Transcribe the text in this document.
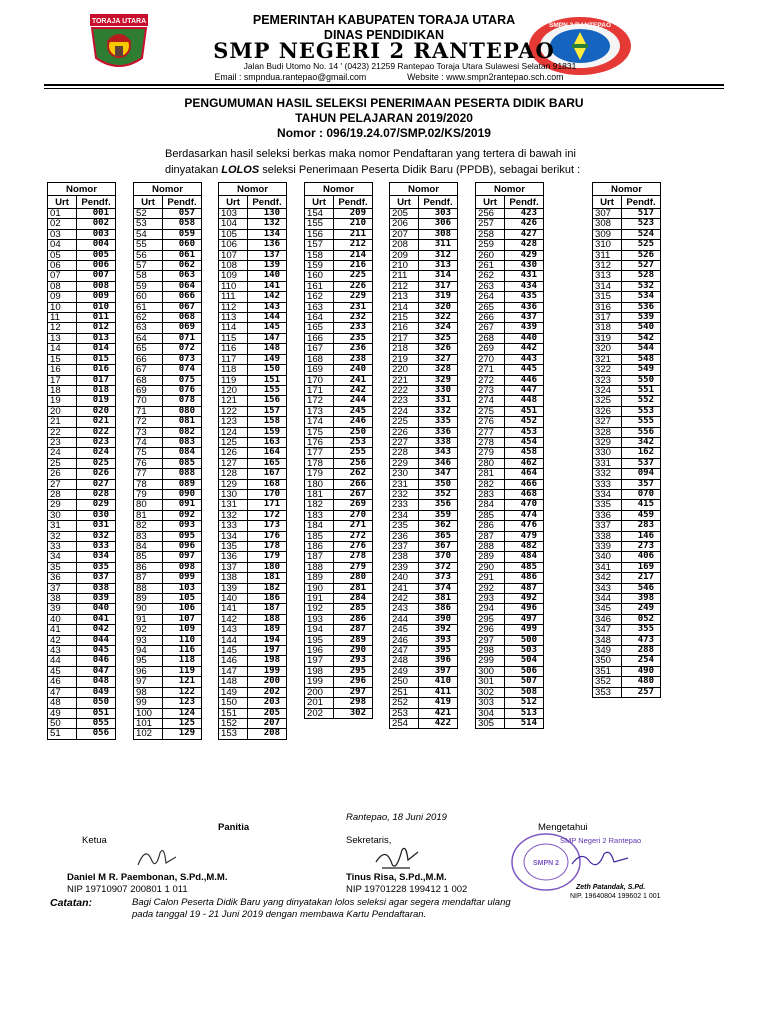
TORAJA UTARA
SMPN 2 RANTEPAO
PEMERINTAH KABUPATEN TORAJA UTARA
DINAS PENDIDIKAN
SMP NEGERI 2 RANTEPAO
Jalan Budi Utomo No. 14 ' (0423) 21259 Rantepao Toraja Utara Sulawesi Selatan 91831
Email : smpndua.rantepao@gmail.com	Website : www.smpn2rantepao.sch.com
PENGUMUMAN HASIL SELEKSI PENERIMAAN PESERTA DIDIK BARU
TAHUN PELAJARAN 2019/2020
Nomor : 096/19.24.07/SMP.02/KS/2019
Berdasarkan hasil seleksi berkas maka nomor Pendaftaran yang tertera di bawah ini
dinyatakan LOLOS seleksi Penerimaan Peserta Didik Baru (PPDB), sebagai berikut :
Nomor	
Urt	Pendf.
01	001
02	002
03	003
04	004
05	005
06	006
07	007
08	008
09	009
10	010
11	011
12	012
13	013
14	014
15	015
16	016
17	017
18	018
19	019
20	020
21	021
22	022
23	023
24	024
25	025
26	026
27	027
28	028
29	029
30	030
31	031
32	032
33	033
34	034
35	035
36	037
37	038
38	039
39	040
40	041
41	042
42	044
43	045
44	046
45	047
46	048
47	049
48	050
49	051
50	055
51	056
Nomor	
Urt	Pendf.
52	057
53	058
54	059
55	060
56	061
57	062
58	063
59	064
60	066
61	067
62	068
63	069
64	071
65	072
66	073
67	074
68	075
69	076
70	078
71	080
72	081
73	082
74	083
75	084
76	085
77	088
78	089
79	090
80	091
81	092
82	093
83	095
84	096
85	097
86	098
87	099
88	103
89	105
90	106
91	107
92	109
93	110
94	116
95	118
96	119
97	121
98	122
99	123
100	124
101	125
102	129
Nomor	
Urt	Pendf.
103	130
104	132
105	134
106	136
107	137
108	139
109	140
110	141
111	142
112	143
113	144
114	145
115	147
116	148
117	149
118	150
119	151
120	155
121	156
122	157
123	158
124	159
125	163
126	164
127	165
128	167
129	168
130	170
131	171
132	172
133	173
134	176
135	178
136	179
137	180
138	181
139	182
140	186
141	187
142	188
143	189
144	194
145	197
146	198
147	199
148	200
149	202
150	203
151	205
152	207
153	208
Nomor	
Urt	Pendf.
154	209
155	210
156	211
157	212
158	214
159	216
160	225
161	226
162	229
163	231
164	232
165	233
166	235
167	236
168	238
169	240
170	241
171	242
172	244
173	245
174	246
175	250
176	253
177	255
178	256
179	262
180	266
181	267
182	269
183	270
184	271
185	272
186	276
187	278
188	279
189	280
190	281
191	284
192	285
193	286
194	287
195	289
196	290
197	293
198	295
199	296
200	297
201	298
202	302
Nomor	
Urt	Pendf.
205	303
206	306
207	308
208	311
209	312
210	313
211	314
212	317
213	319
214	320
215	322
216	324
217	325
218	326
219	327
220	328
221	329
222	330
223	331
224	332
225	335
226	336
227	338
228	343
229	346
230	347
231	350
232	352
233	356
234	359
235	362
236	365
237	367
238	370
239	372
240	373
241	374
242	381
243	386
244	390
245	392
246	393
247	395
248	396
249	397
250	410
251	411
252	419
253	421
254	422
Nomor	
Urt	Pendf.
256	423
257	426
258	427
259	428
260	429
261	430
262	431
263	434
264	435
265	436
266	437
267	439
268	440
269	442
270	443
271	445
272	446
273	447
274	448
275	451
276	452
277	453
278	454
279	458
280	462
281	464
282	466
283	468
284	470
285	474
286	476
287	479
288	482
289	484
290	485
291	486
292	487
293	492
294	496
295	497
296	499
297	500
298	503
299	504
300	506
301	507
302	508
303	512
304	513
305	514
Nomor	
Urt	Pendf.
307	517
308	523
309	524
310	525
311	526
312	527
313	528
314	532
315	534
316	536
317	539
318	540
319	542
320	544
321	548
322	549
323	550
324	551
325	552
326	553
327	555
328	556
329	342
330	162
331	537
332	094
333	357
334	070
335	415
336	459
337	283
338	146
339	273
340	406
341	169
342	217
343	546
344	398
345	249
346	052
347	355
348	473
349	288
350	254
351	490
352	480
353	257
Rantepao, 18 Juni 2019
Panitia
Ketua	Sekretaris,
Mengetahui
SMPN 2
SMP Negeri 2 Rantepao
Daniel M R. Paembonan, S.Pd.,M.M.
NIP 19710907 200801 1 011
Tinus Risa, S.Pd.,M.M.
NIP 19701228 199412 1 002	Zeth Patandak, S.Pd.
NIP. 19640804 199602 1 001
Catatan:	Bagi Calon Peserta Didik Baru yang dinyatakan lolos seleksi agar segera mendaftar ulang
pada tanggal 19 - 21 Juni 2019 dengan membawa Kartu Pendaftaran.
